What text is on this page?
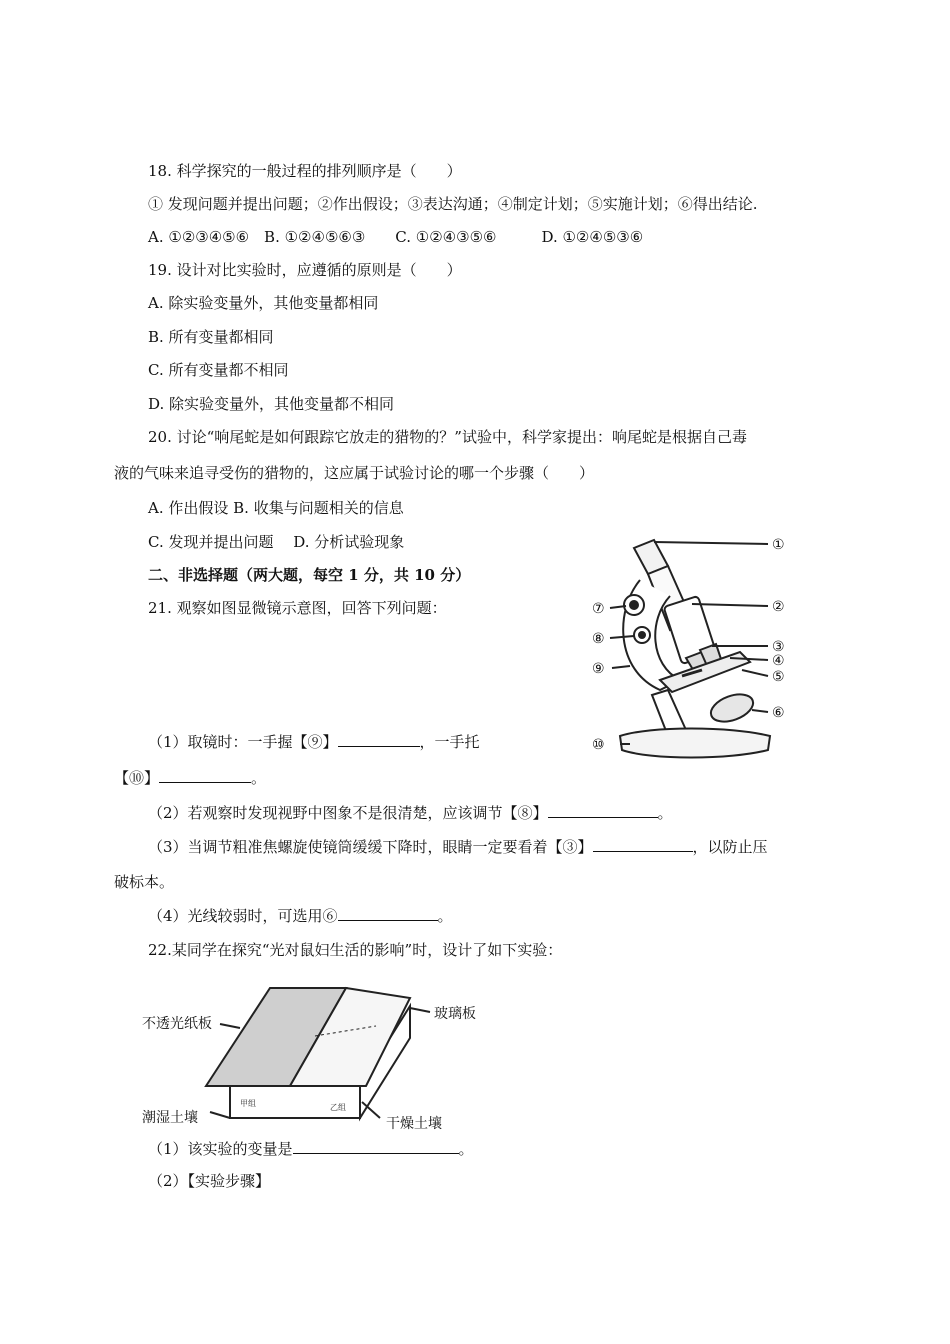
18. 科学探究的一般过程的排列顺序是（　　）
① 发现问题并提出问题；②作出假设；③表达沟通；④制定计划；⑤实施计划；⑥得出结论.
A. ①②③④⑤⑥　B. ①②④⑤⑥③　　C. ①②④③⑤⑥　　　D. ①②④⑤③⑥
19. 设计对比实验时，应遵循的原则是（　　）
A. 除实验变量外，其他变量都相同
B. 所有变量都相同
C. 所有变量都不相同
D. 除实验变量外，其他变量都不相同
20. 讨论“响尾蛇是如何跟踪它放走的猎物的？”试验中，科学家提出：响尾蛇是根据自己毒
液的气味来追寻受伤的猎物的，这应属于试验讨论的哪一个步骤（　　）
A. 作出假设 B. 收集与问题相关的信息
C. 发现并提出问题　 D. 分析试验现象
二、非选择题（两大题，每空 1 分，共 10 分）
21. 观察如图显微镜示意图，回答下列问题：
①
②
③
④
⑤
⑥
⑦
⑧
⑨
⑩
（1）取镜时：一手握【⑨】	，一手托
【⑩】	。
（2）若观察时发现视野中图象不是很清楚，应该调节【⑧】	。
（3）当调节粗准焦螺旋使镜筒缓缓下降时，眼睛一定要看着【③】	，以防止压
破标本。
（4）光线较弱时，可选用⑥	。
22.某同学在探究“光对鼠妇生活的影响”时，设计了如下实验：
不透光纸板
玻璃板
潮湿土壤	干燥土壤
甲组	乙组
（1）该实验的变量是	。
（2）【实验步骤】
